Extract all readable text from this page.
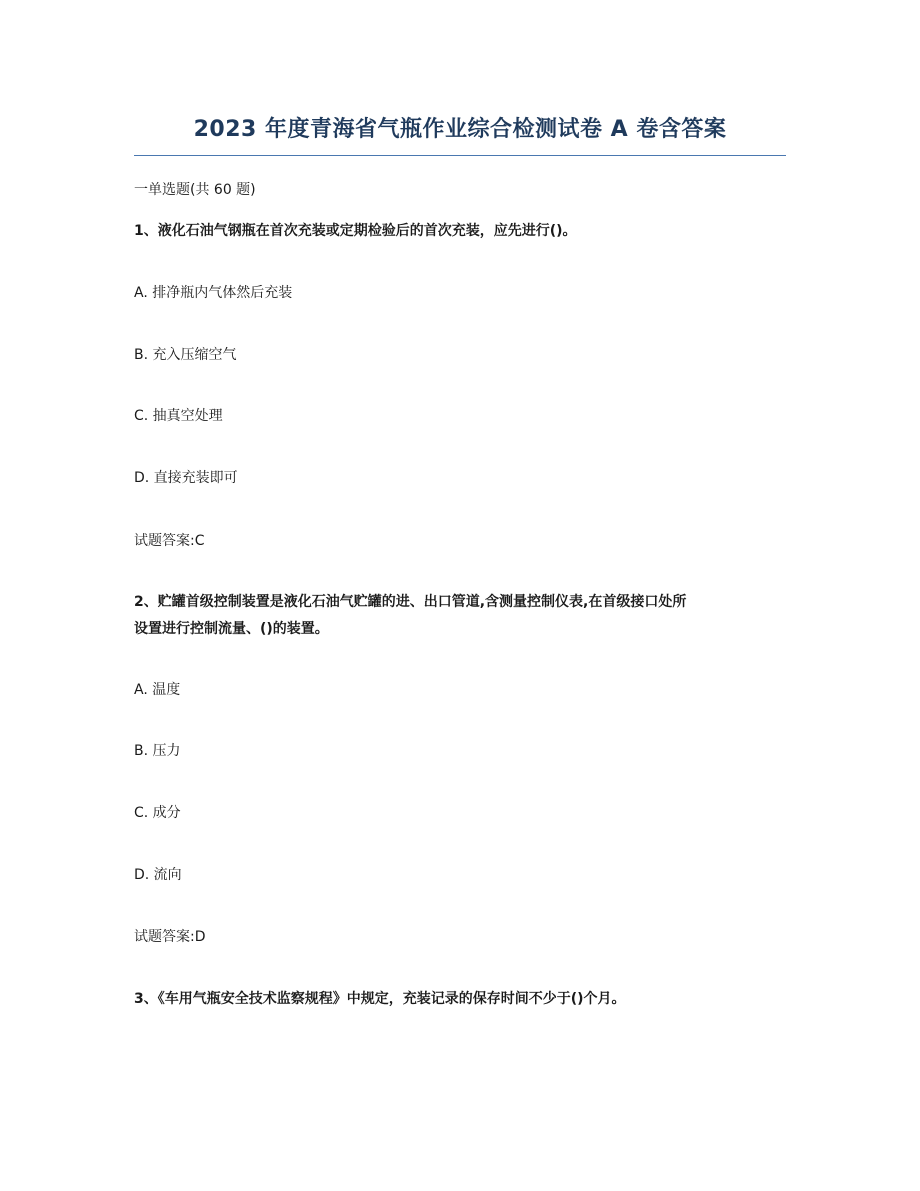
2023 年度青海省气瓶作业综合检测试卷 A 卷含答案
一单选题(共 60 题)
1、液化石油气钢瓶在首次充装或定期检验后的首次充装，应先进行()。
A. 排净瓶内气体然后充装
B. 充入压缩空气
C. 抽真空处理
D. 直接充装即可
试题答案:C
2、贮罐首级控制装置是液化石油气贮罐的进、出口管道,含测量控制仪表,在首级接口处所
设置进行控制流量、()的装置。
A. 温度
B. 压力
C. 成分
D. 流向
试题答案:D
3、《车用气瓶安全技术监察规程》中规定，充装记录的保存时间不少于()个月。
